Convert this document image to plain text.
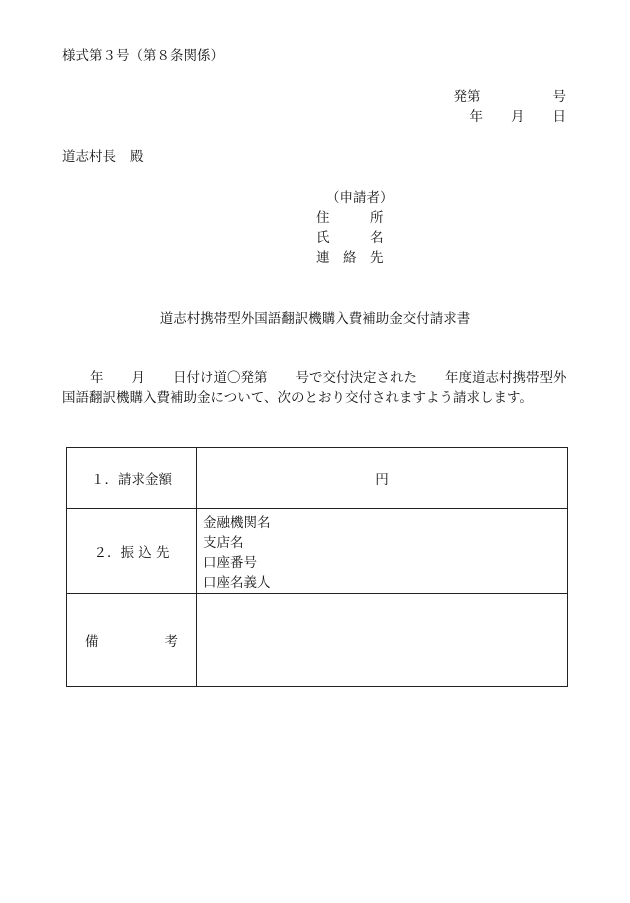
様式第３号（第８条関係）
発第	号
年 月 日
道志村長 殿
（申請者）
住　　　所
氏　　　名
連　絡　先
道志村携帯型外国語翻訳機購入費補助金交付請求書
年 月 日付け道〇発第 号で交付決定された 年度道志村携帯型外
国語翻訳機購入費補助金について、次のとおり交付されますよう請求します。
１．請求金額	円
２．振 込 先	金融機関名
支店名
口座番号
口座名義人

備 考	
